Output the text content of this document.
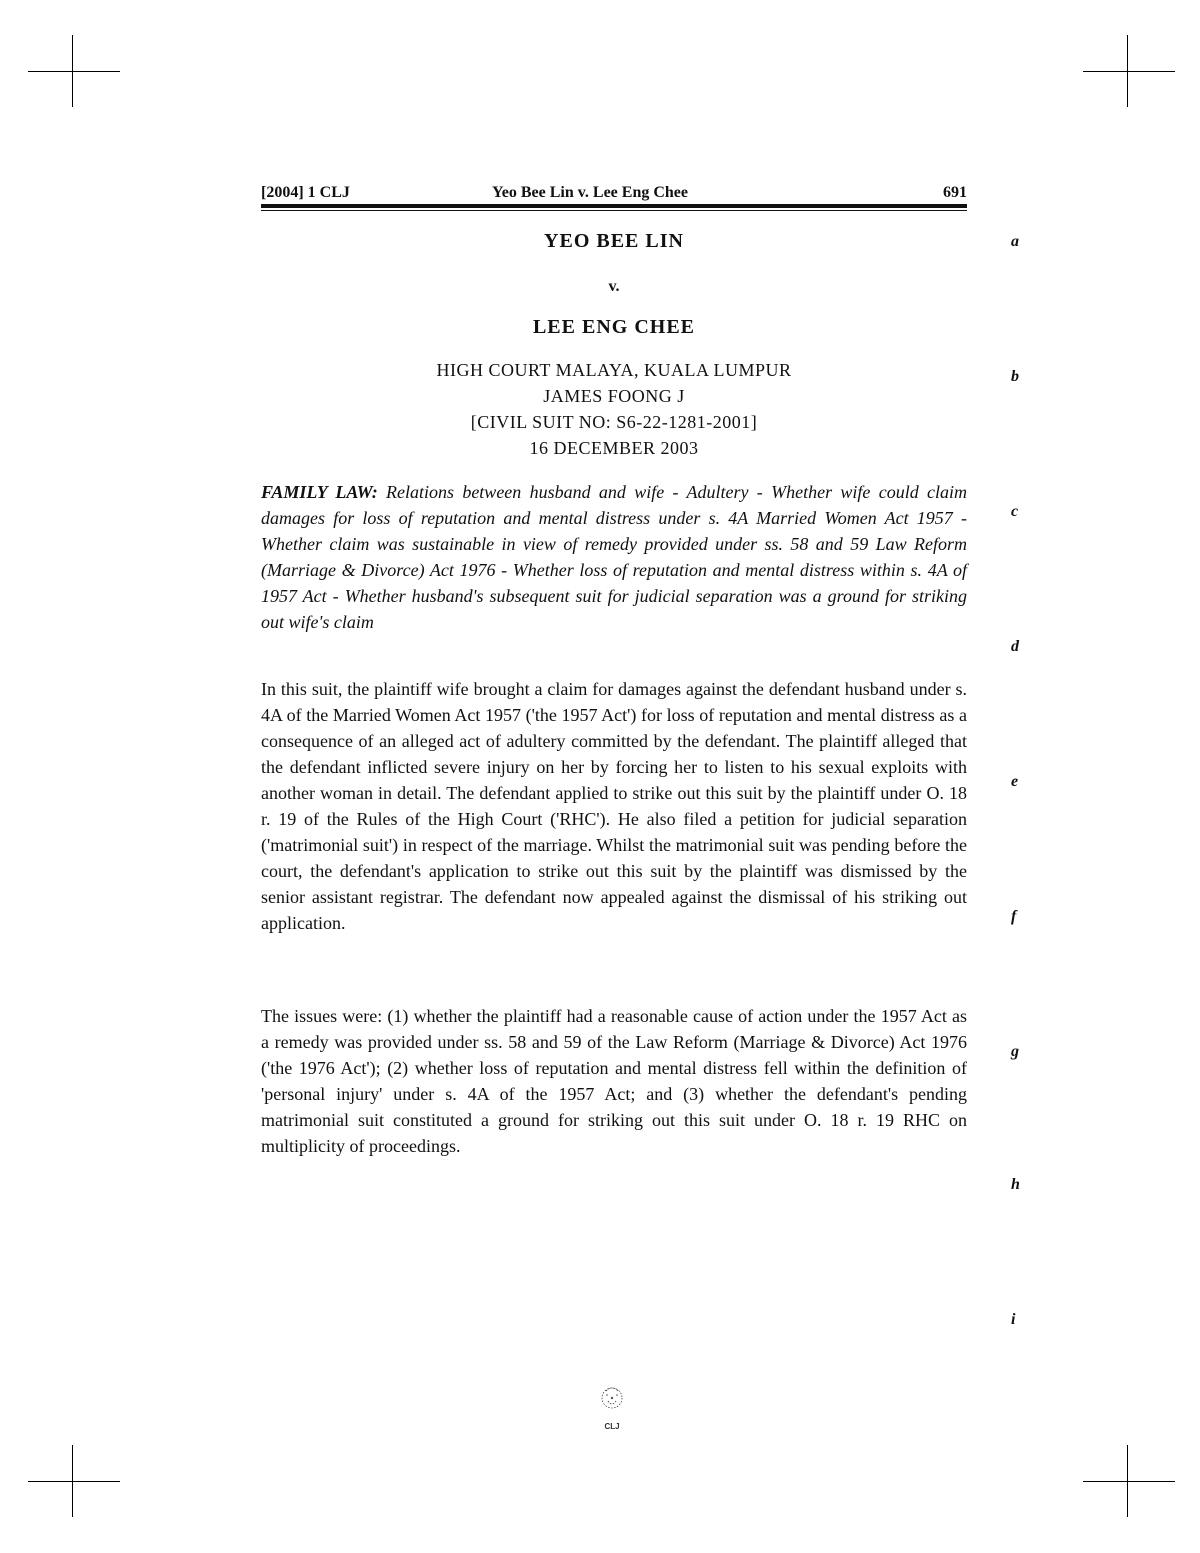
[2004] 1 CLJ	Yeo Bee Lin v. Lee Eng Chee	691
YEO BEE LIN
v.
LEE ENG CHEE
HIGH COURT MALAYA, KUALA LUMPUR
JAMES FOONG J
[CIVIL SUIT NO: S6-22-1281-2001]
16 DECEMBER 2003
FAMILY LAW: Relations between husband and wife - Adultery - Whether wife could claim damages for loss of reputation and mental distress under s. 4A Married Women Act 1957 - Whether claim was sustainable in view of remedy provided under ss. 58 and 59 Law Reform (Marriage & Divorce) Act 1976 - Whether loss of reputation and mental distress within s. 4A of 1957 Act - Whether husband's subsequent suit for judicial separation was a ground for striking out wife's claim
In this suit, the plaintiff wife brought a claim for damages against the defendant husband under s. 4A of the Married Women Act 1957 ('the 1957 Act') for loss of reputation and mental distress as a consequence of an alleged act of adultery committed by the defendant. The plaintiff alleged that the defendant inflicted severe injury on her by forcing her to listen to his sexual exploits with another woman in detail. The defendant applied to strike out this suit by the plaintiff under O. 18 r. 19 of the Rules of the High Court ('RHC'). He also filed a petition for judicial separation ('matrimonial suit') in respect of the marriage. Whilst the matrimonial suit was pending before the court, the defendant's application to strike out this suit by the plaintiff was dismissed by the senior assistant registrar. The defendant now appealed against the dismissal of his striking out application.
The issues were: (1) whether the plaintiff had a reasonable cause of action under the 1957 Act as a remedy was provided under ss. 58 and 59 of the Law Reform (Marriage & Divorce) Act 1976 ('the 1976 Act'); (2) whether loss of reputation and mental distress fell within the definition of 'personal injury' under s. 4A of the 1957 Act; and (3) whether the defendant's pending matrimonial suit constituted a ground for striking out this suit under O. 18 r. 19 RHC on multiplicity of proceedings.
a
b
c
d
e
f
g
h
i
CLJ
